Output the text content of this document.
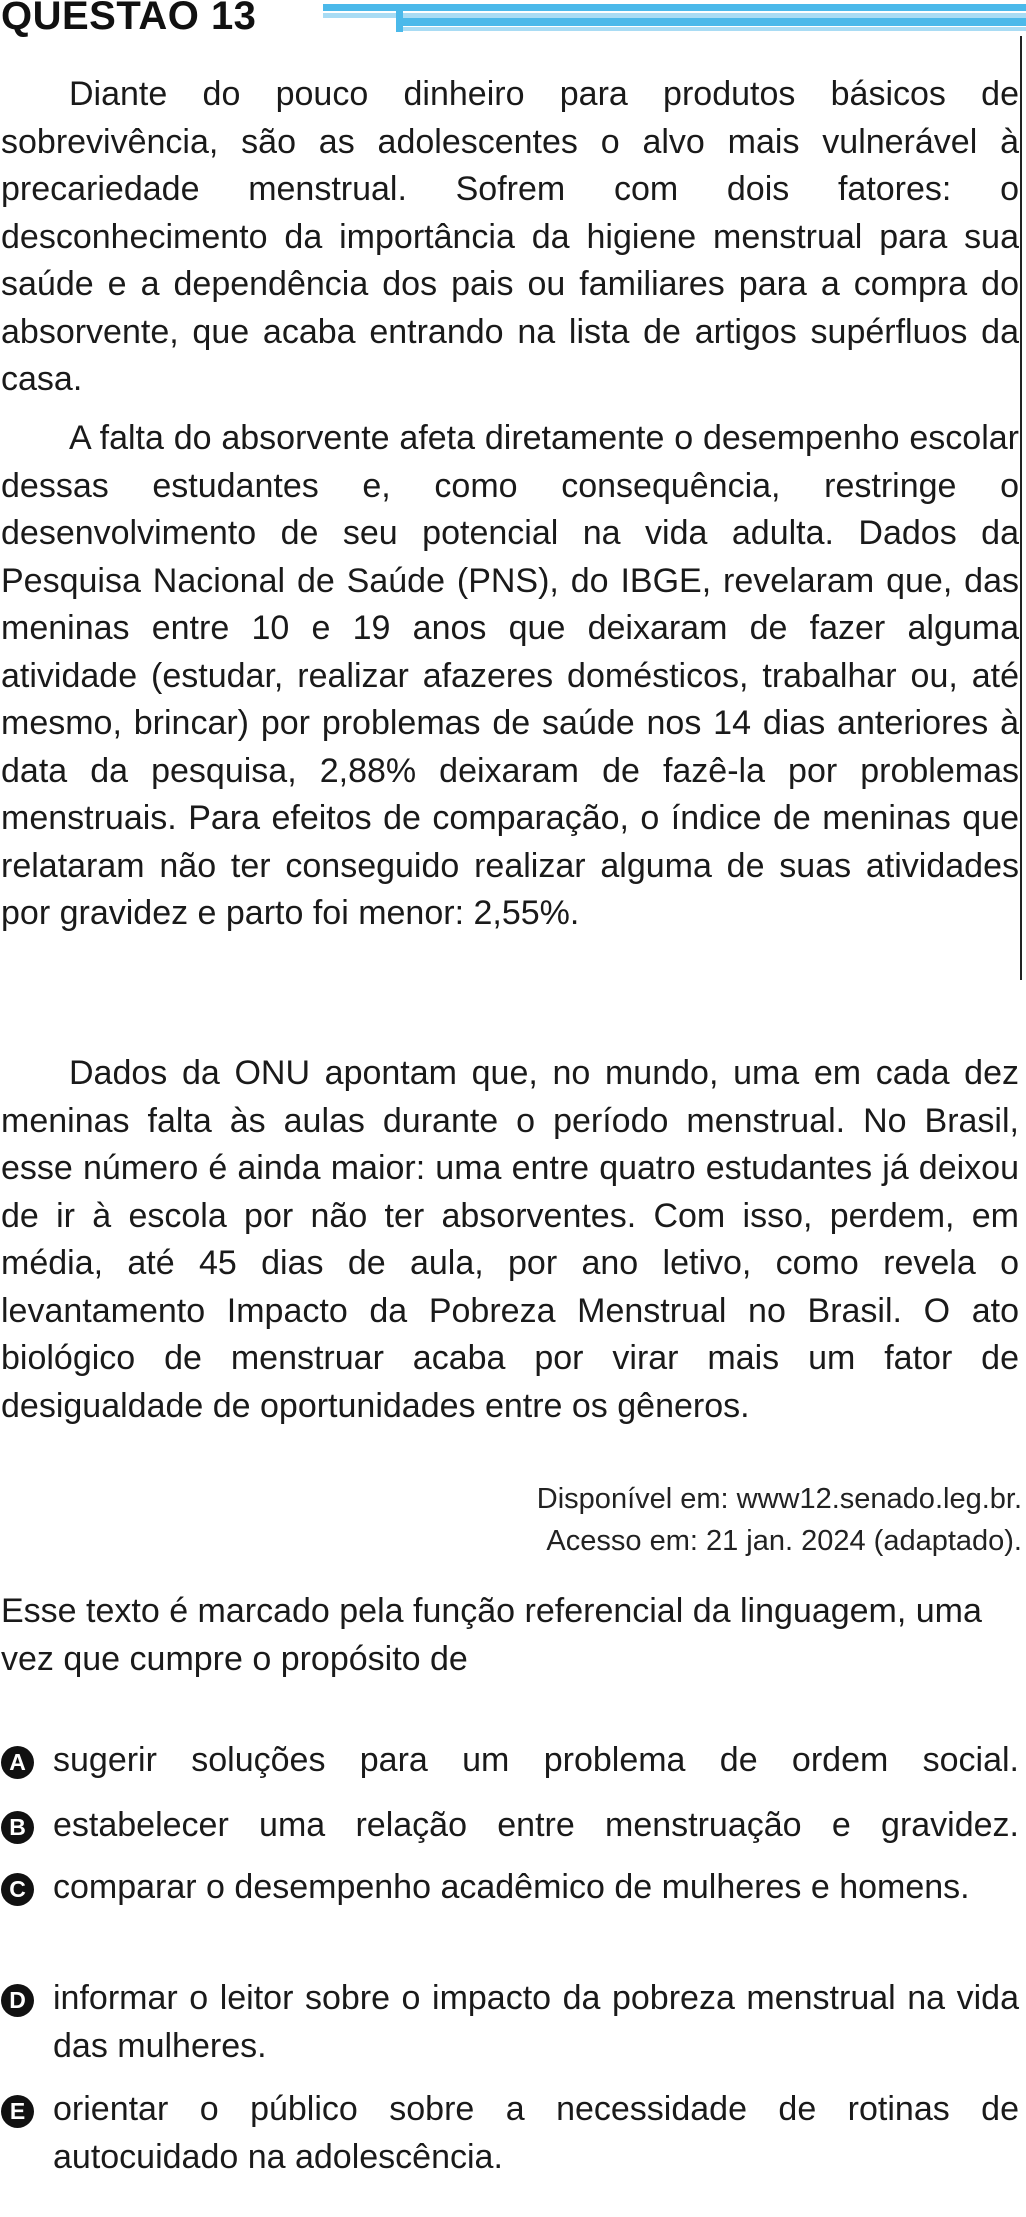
QUESTAO 13

Diante do pouco dinheiro para produtos básicos de sobrevivência, são as adolescentes o alvo mais vulnerável à precariedade menstrual. Sofrem com dois fatores: o desconhecimento da importância da higiene menstrual para sua saúde e a dependência dos pais ou familiares para a compra do absorvente, que acaba entrando na lista de artigos supérfluos da casa.

A falta do absorvente afeta diretamente o desempenho escolar dessas estudantes e, como consequência, restringe o desenvolvimento de seu potencial na vida adulta. Dados da Pesquisa Nacional de Saúde (PNS), do IBGE, revelaram que, das meninas entre 10 e 19 anos que deixaram de fazer alguma atividade (estudar, realizar afazeres domésticos, trabalhar ou, até mesmo, brincar) por problemas de saúde nos 14 dias anteriores à data da pesquisa, 2,88% deixaram de fazê-la por problemas menstruais. Para efeitos de comparação, o índice de meninas que relataram não ter conseguido realizar alguma de suas atividades por gravidez e parto foi menor: 2,55%.

Dados da ONU apontam que, no mundo, uma em cada dez meninas falta às aulas durante o período menstrual. No Brasil, esse número é ainda maior: uma entre quatro estudantes já deixou de ir à escola por não ter absorventes. Com isso, perdem, em média, até 45 dias de aula, por ano letivo, como revela o levantamento Impacto da Pobreza Menstrual no Brasil. O ato biológico de menstruar acaba por virar mais um fator de desigualdade de oportunidades entre os gêneros.

Disponível em: www12.senado.leg.br.
Acesso em: 21 jan. 2024 (adaptado).
Esse texto é marcado pela função referencial da linguagem, uma vez que cumpre o propósito de
A sugerir soluções para um problema de ordem social.
B estabelecer uma relação entre menstruação e gravidez.
C comparar o desempenho acadêmico de mulheres e homens.
D informar o leitor sobre o impacto da pobreza menstrual na vida das mulheres.
E orientar o público sobre a necessidade de rotinas de autocuidado na adolescência.
